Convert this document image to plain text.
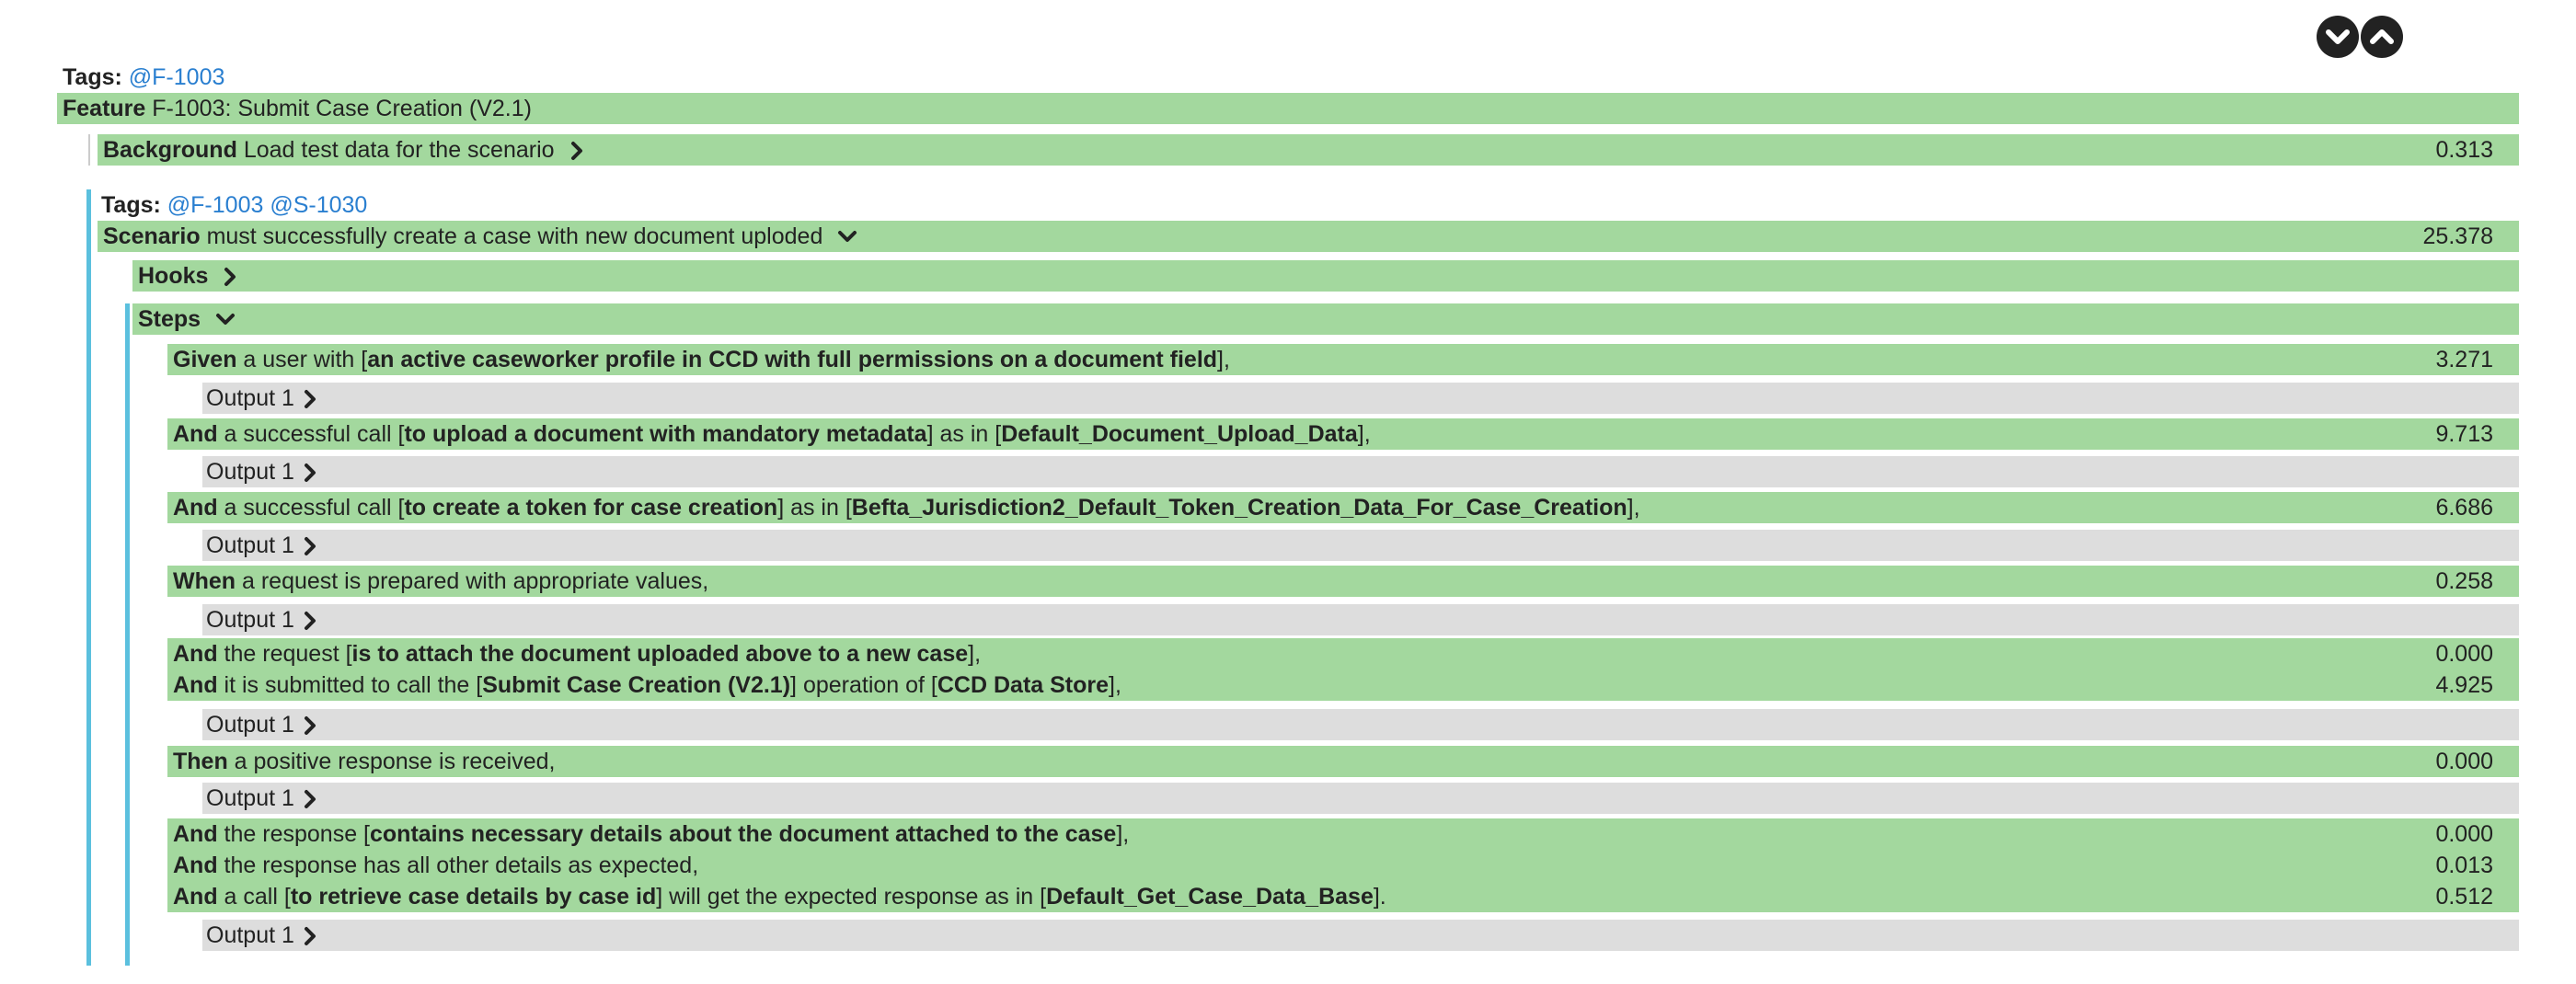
Tags: @F-1003
Feature F-1003: Submit Case Creation (V2.1)
Background Load test data for the scenario	0.313
Tags: @F-1003 @S-1030
Scenario must successfully create a case with new document uploded	25.378
Hooks
Steps
Given a user with [an active caseworker profile in CCD with full permissions on a document field],	3.271
Output 1
And a successful call [to upload a document with mandatory metadata] as in [Default_Document_Upload_Data],	9.713
Output 1
And a successful call [to create a token for case creation] as in [Befta_Jurisdiction2_Default_Token_Creation_Data_For_Case_Creation],	6.686
Output 1
When a request is prepared with appropriate values,	0.258
Output 1
And the request [is to attach the document uploaded above to a new case],	0.000
And it is submitted to call the [Submit Case Creation (V2.1)] operation of [CCD Data Store],	4.925
Output 1
Then a positive response is received,	0.000
Output 1
And the response [contains necessary details about the document attached to the case],	0.000
And the response has all other details as expected,	0.013
And a call [to retrieve case details by case id] will get the expected response as in [Default_Get_Case_Data_Base].	0.512
Output 1
